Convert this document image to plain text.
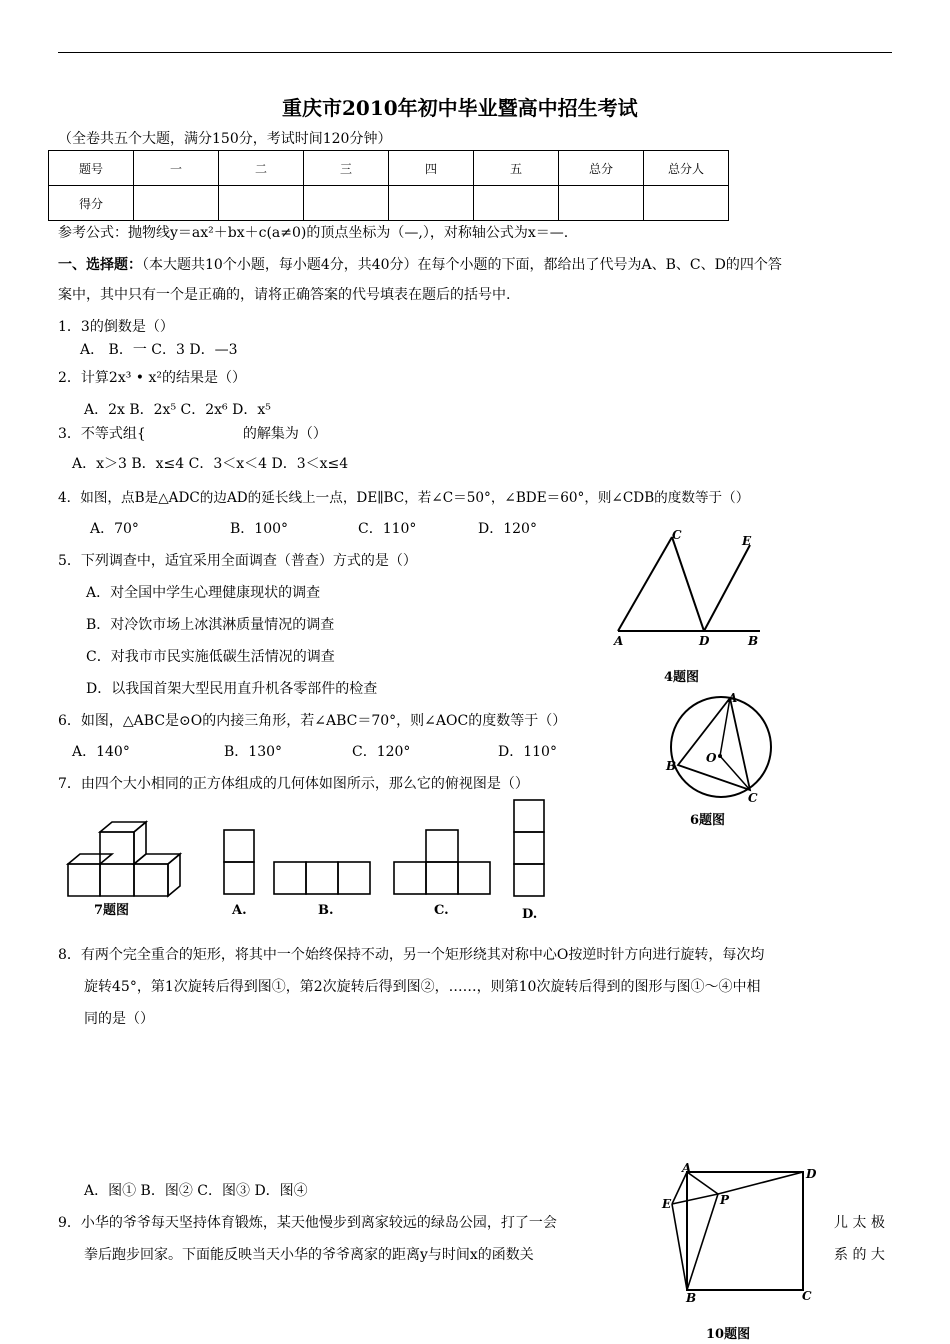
重庆市2010年初中毕业暨高中招生考试
（全卷共五个大题，满分150分，考试时间120分钟）
题号	一	二	三	四	五	总分	总分人
得分							
参考公式：抛物线y＝ax²＋bx＋c(a≠0)的顶点坐标为（—,），对称轴公式为x＝—.
一、选择题：（本大题共10个小题，每小题4分，共40分）在每个小题的下面，都给出了代号为A、B、C、D的四个答
案中，其中只有一个是正确的，请将正确答案的代号填表在题后的括号中.
1．3的倒数是（）
A． B．一 C．3 D．—3
2．计算2x³ • x²的结果是（）
A．2x B．2x⁵ C．2x⁶ D．x⁵
3．不等式组{	的解集为（）
A．x＞3 B．x≤4 C．3＜x＜4 D．3＜x≤4
4．如图，点B是△ADC的边AD的延长线上一点，DE∥BC，若∠C＝50°，∠BDE＝60°，则∠CDB的度数等于（）
A．70°	B．100°	C．110°	D．120°
5．下列调查中，适宜采用全面调查（普查）方式的是（）
A．对全国中学生心理健康现状的调查
B．对冷饮市场上冰淇淋质量情况的调查
C．对我市市民实施低碳生活情况的调查
D．以我国首架大型民用直升机各零部件的检查
6．如图，△ABC是⊙O的内接三角形，若∠ABC＝70°，则∠AOC的度数等于（）
A．140°	B．130°	C．120°	D．110°
7．由四个大小相同的正方体组成的几何体如图所示，那么它的俯视图是（）
8．有两个完全重合的矩形，将其中一个始终保持不动，另一个矩形绕其对称中心O按逆时针方向进行旋转，每次均
旋转45°，第1次旋转后得到图①，第2次旋转后得到图②，……，则第10次旋转后得到的图形与图①～④中相
同的是（）
A．图① B．图② C．图③ D．图④
9．小华的爷爷每天坚持体育锻炼，某天他慢步到离家较远的绿岛公园，打了一会	儿 太 极
拳后跑步回家。下面能反映当天小华的爷爷离家的距离y与时间x的函数关	系 的 大
C	E
A	D	B
4题图
A
O
B
C
6题图
7题图	A.	B.	C.	D.
A	D
E	P
B	C
10题图
